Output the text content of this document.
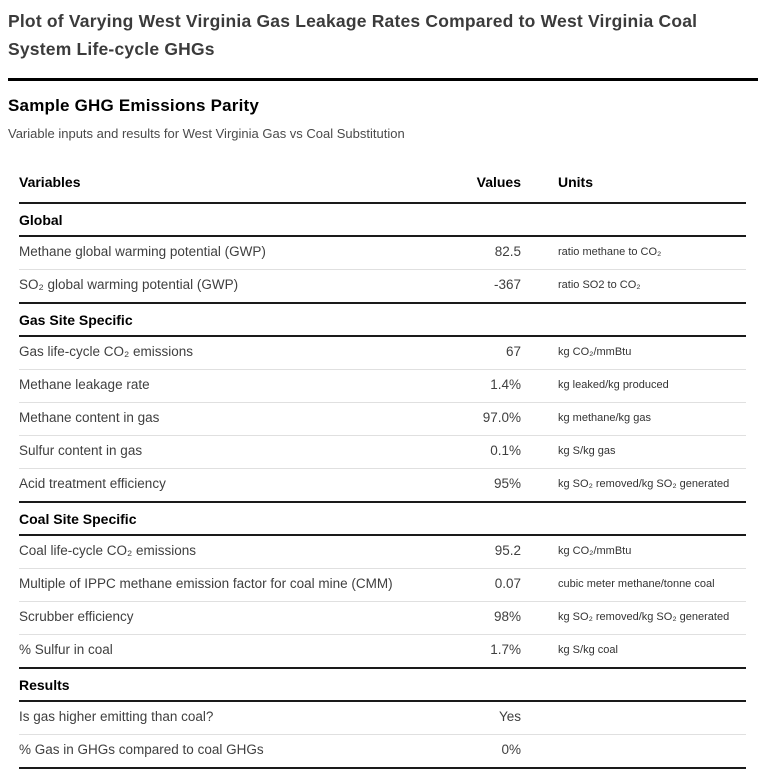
Plot of Varying West Virginia Gas Leakage Rates Compared to West Virginia Coal System Life-cycle GHGs
Sample GHG Emissions Parity
Variable inputs and results for West Virginia Gas vs Coal Substitution
Variables	Values	Units
Global
Methane global warming potential (GWP)	82.5	ratio methane to CO₂
SO₂ global warming potential (GWP)	-367	ratio SO2 to CO₂
Gas Site Specific
Gas life-cycle CO₂ emissions	67	kg CO₂/mmBtu
Methane leakage rate	1.4%	kg leaked/kg produced
Methane content in gas	97.0%	kg methane/kg gas
Sulfur content in gas	0.1%	kg S/kg gas
Acid treatment efficiency	95%	kg SO₂ removed/kg SO₂ generated
Coal Site Specific
Coal life-cycle CO₂ emissions	95.2	kg CO₂/mmBtu
Multiple of IPPC methane emission factor for coal mine (CMM)	0.07	cubic meter methane/tonne coal
Scrubber efficiency	98%	kg SO₂ removed/kg SO₂ generated
% Sulfur in coal	1.7%	kg S/kg coal
Results
Is gas higher emitting than coal?	Yes
% Gas in GHGs compared to coal GHGs	0%
